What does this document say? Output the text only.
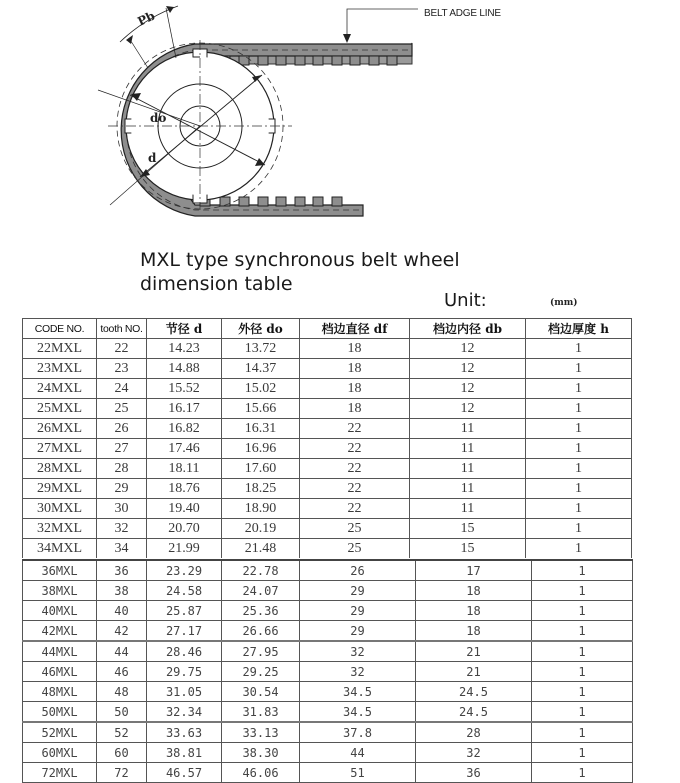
Pb
do
d
BELT ADGE LINE
MXL type synchronous belt wheel
dimension table
Unit:	(mm)
CODE NO.	tooth NO.	节径 d	外径 do	档边直径 df	档边内径 db	档边厚度 h
22MXL	22	14.23	13.72	18	12	1
23MXL	23	14.88	14.37	18	12	1
24MXL	24	15.52	15.02	18	12	1
25MXL	25	16.17	15.66	18	12	1
26MXL	26	16.82	16.31	22	11	1
27MXL	27	17.46	16.96	22	11	1
28MXL	28	18.11	17.60	22	11	1
29MXL	29	18.76	18.25	22	11	1
30MXL	30	19.40	18.90	22	11	1
32MXL	32	20.70	20.19	25	15	1
34MXL	34	21.99	21.48	25	15	1
36MXL	36	23.29	22.78	26	17	1
38MXL	38	24.58	24.07	29	18	1
40MXL	40	25.87	25.36	29	18	1
42MXL	42	27.17	26.66	29	18	1
44MXL	44	28.46	27.95	32	21	1
46MXL	46	29.75	29.25	32	21	1
48MXL	48	31.05	30.54	34.5	24.5	1
50MXL	50	32.34	31.83	34.5	24.5	1
52MXL	52	33.63	33.13	37.8	28	1
60MXL	60	38.81	38.30	44	32	1
72MXL	72	46.57	46.06	51	36	1
